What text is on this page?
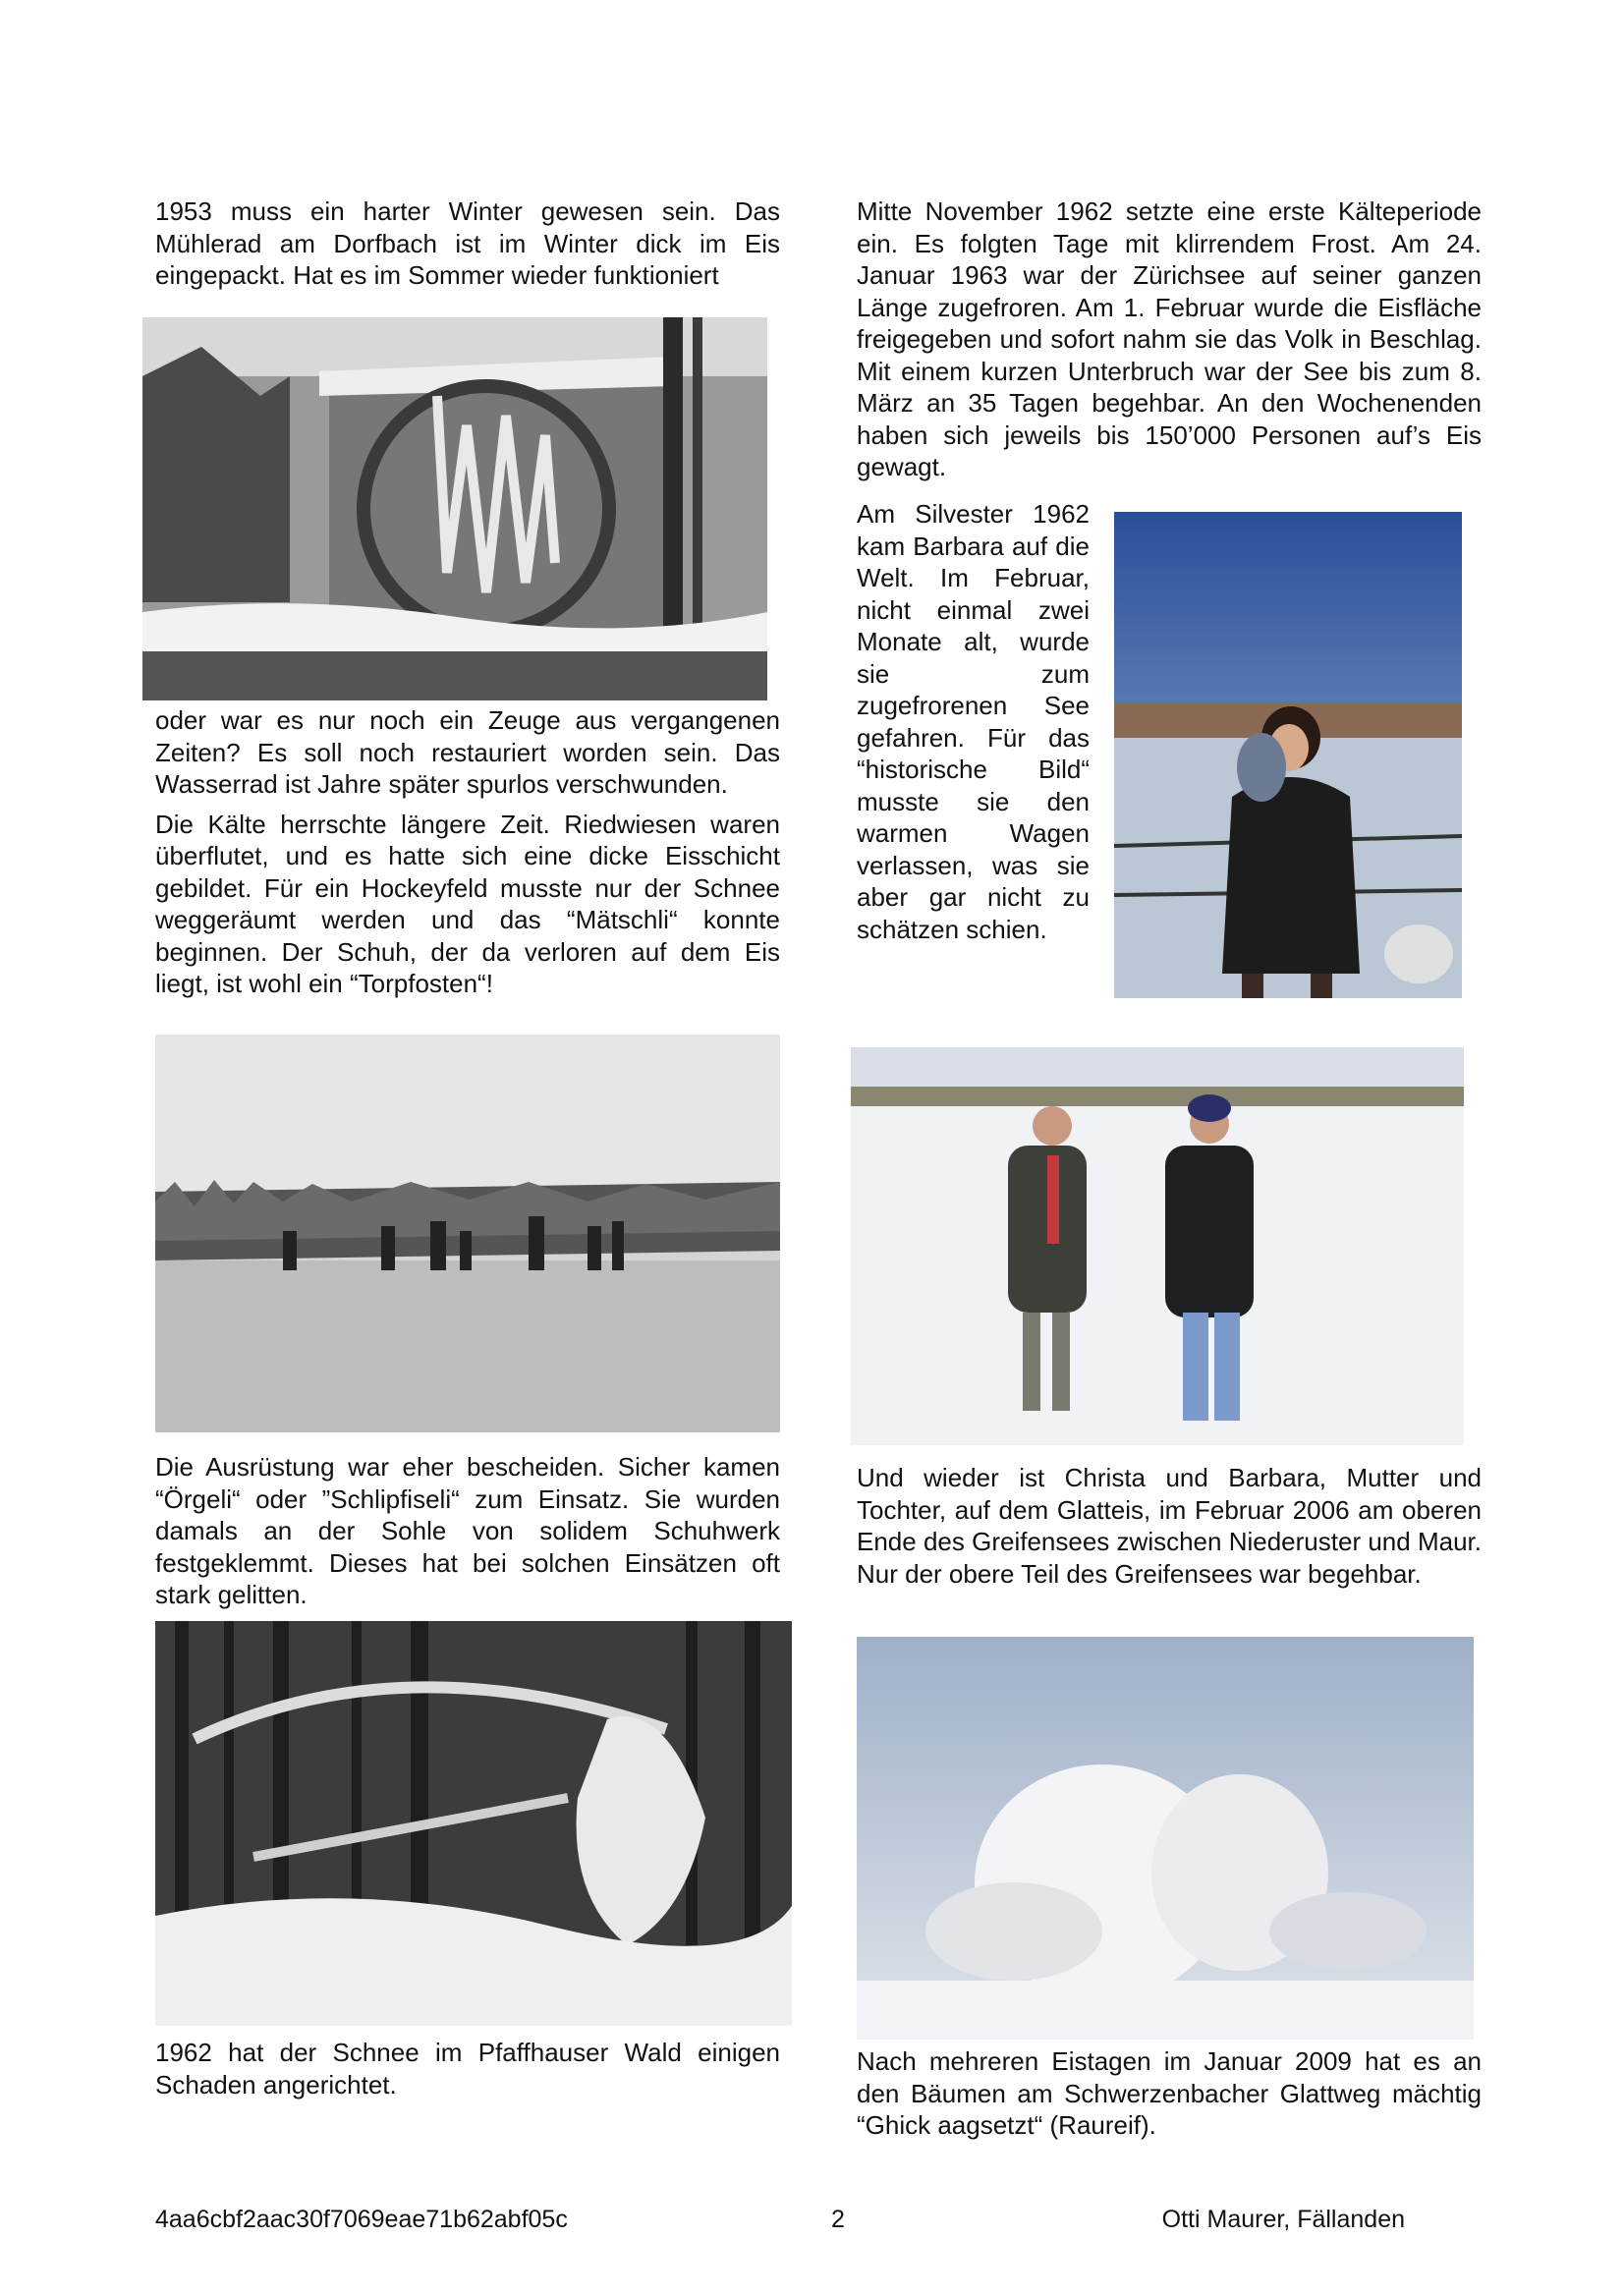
1953 muss ein harter Winter gewesen sein. Das Mühlerad am Dorfbach ist im Winter dick im Eis eingepackt. Hat es im Sommer wieder funktioniert

oder war es nur noch ein Zeuge aus vergangenen Zeiten? Es soll noch restauriert worden sein. Das Wasserrad ist Jahre später spurlos verschwunden.

Die Kälte herrschte längere Zeit. Riedwiesen waren überflutet, und es hatte sich eine dicke Eisschicht gebildet. Für ein Hockeyfeld musste nur der Schnee weggeräumt werden und das “Mätschli“ konnte beginnen. Der Schuh, der da verloren auf dem Eis liegt, ist wohl ein “Torpfosten“!

Die Ausrüstung war eher bescheiden. Sicher kamen “Örgeli“ oder ”Schlipfiseli“ zum Einsatz. Sie wurden damals an der Sohle von solidem Schuhwerk festgeklemmt. Dieses hat bei solchen Einsätzen oft stark gelitten.

1962 hat der Schnee im Pfaffhauser Wald einigen Schaden angerichtet.

Mitte November 1962 setzte eine erste Kälteperiode ein. Es folgten Tage mit klirrendem Frost. Am 24. Januar 1963 war der Zürichsee auf seiner ganzen Länge zugefroren. Am 1. Februar wurde die Eisfläche freigegeben und sofort nahm sie das Volk in Beschlag. Mit einem kurzen Unterbruch war der See bis zum 8. März an 35 Tagen begehbar. An den Wochenenden haben sich jeweils bis 150’000 Personen auf’s Eis gewagt.

Am Silvester 1962 kam Barbara auf die Welt. Im Februar, nicht einmal zwei Monate alt, wurde sie zum zugefrorenen See gefahren. Für das “historische Bild“ musste sie den warmen Wagen verlassen, was sie aber gar nicht zu schätzen schien.

Und wieder ist Christa und Barbara, Mutter und Tochter, auf dem Glatteis, im Februar 2006 am oberen Ende des Greifensees zwischen Niederuster und Maur. Nur der obere Teil des Greifensees war begehbar.

Nach mehreren Eistagen im Januar 2009 hat es an den Bäumen am Schwerzenbacher Glattweg mächtig “Ghick aagsetzt“ (Raureif).

4aa6cbf2aac30f7069eae71b62abf05c	2	Otti Maurer, Fällanden
